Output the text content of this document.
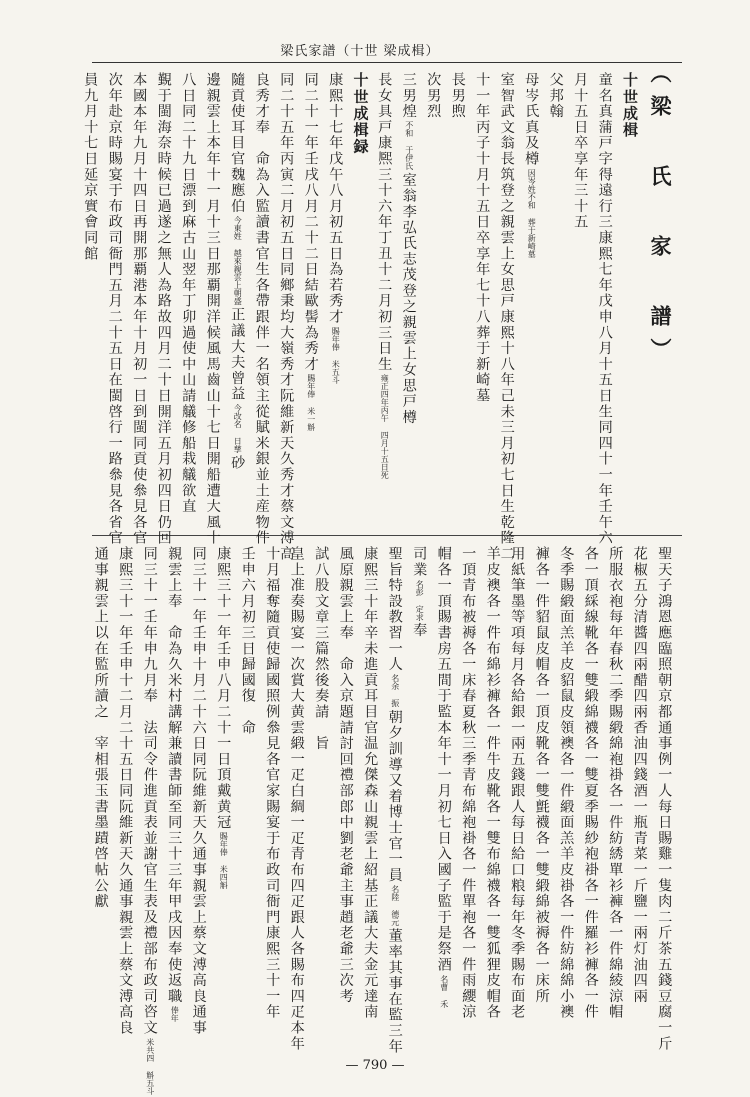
梁氏家譜（十世 梁成楫）
（梁 氏 家 譜）
十世成楫
童名真蒲戸字得遠行三康熙七年戊申八月十五日生同四十一年壬午六
月十五日卒享年三十五
父邦翰
母岑氏真及樽因岑姓不和 葬于新崎墓
室智武文翁長筑登之親雲上女思戸康熙十八年己未三月初七日生乾隆二
十一年丙子十月十五日卒享年七十八葬于新崎墓
長男煦
次男烈
三男煌不和 于伊氏室翁李弘氏志茂登之親雲上女思戸樽
長女具戸康熈三十六年丁丑十二月初三日生雍正四年丙午 四月十五日死
十世成楫録
康熙十七年戊午八月初五日為若秀才賜年俸 米五斗
同二十一年壬戌八月二十二日結歐髻為秀才賜年俸 米一斛
同二十五年丙寅二月初五日同鄉秉均大嶺秀才阮維新天久秀才蔡文溥高
良秀才奉　命為入監讀書官生各帶跟伴一名領主從賦米銀並土産物件
隨貢使耳目官魏應伯今東姓 越來親雲上朝盛正議大夫曾益今改名 日孳砂
邊親雲上本年十一月十三日那覇開洋候風馬齒山十七日開船遭大風十
八日同二十九日漂到麻古山翌年丁卯過使中山請艤修船栽艤欲直
覲于閩海奈時候已過遂之無人為路故四月二十日開洋五月初四日仍回
本國本年九月十四日再開那覇港本年十月初一日到閩同貢使叅見各官
次年赴京時賜宴于布政司衙門五月二十五日在閩啓行一路叅見各省官
員九月十七日延京實會同館
聖天子鴻恩應臨照朝京都通事例一人每日賜雞一隻肉二斤茶五錢豆腐一斤
花椒五分清醬四兩醋四兩香油四錢酒一瓶青菜一斤鹽一兩灯油四兩
所服衣袍每年春秋二季賜緞綿袍褂各一件紡綉單衫褲各一件綿綾涼帽
各一頂綵線靴各一雙緞綿襪各一雙夏季賜紗袍褂各一件羅衫褲各一件
冬季賜緞面羔羊皮貂鼠皮領襖各一件緞面羔羊皮褂各一件紡綿綿小襖
褲各一件貂鼠皮帽各一頂皮靴各一雙氈襪各一雙緞綿被褥各一床所
用紙筆墨等項每月各給銀一兩五錢跟人每日給口粮每年冬季賜布面老
羊皮襖各一件布綿衫褲各一件牛皮靴各一雙布綿襪各一雙狐狸皮帽各
一頂青布被褥各一床春夏秋三季青布綿袍褂各一件單袍各一件雨纓涼
帽各一頂賜書房五間于監本年十一月初七日入國子監于是祭酒名曹 禾
司業名彭 定求奉
聖旨特設教習一人名余 振朝夕訓導又着博士官一員名陸 德元董率其事在監三年
康熙三十年辛未進貢耳目官温允傑森山親雲上紹基正議大夫金元達南
風原親雲上奉　命入京題請討回禮部郎中劉老爺主事趙老爺三次考
試八股文章三篇然後奏請　旨
皇上准奏賜宴一次賞大黄雲緞一疋白綢一疋青布四疋跟人各賜布四疋本年
十月福奪隨貢使歸國照例叅見各官家賜宴于布政司衙門康熙三十一年
壬申六月初三日歸國復　命
康熙三十一年壬申八月二十一日頂戴黄冠賜年俸 米四斛
同三十一年壬申十月二十六日同阮維新天久通事親雲上蔡文溥高良通事
親雲上奉　命為久米村講解兼讀書師至同三十三年甲戌因奉使返職俸年
同三十一壬年申九月奉　法司令件進貢表並謝官生表及禮部布政司咨文米共四 斛五斗
康熙三十一年壬申十二月二十五日同阮維新天久通事親雲上蔡文溥高良
通事親雲上以在監所讀之　宰相張玉書墨蹟啓帖公獻
— 790 —
